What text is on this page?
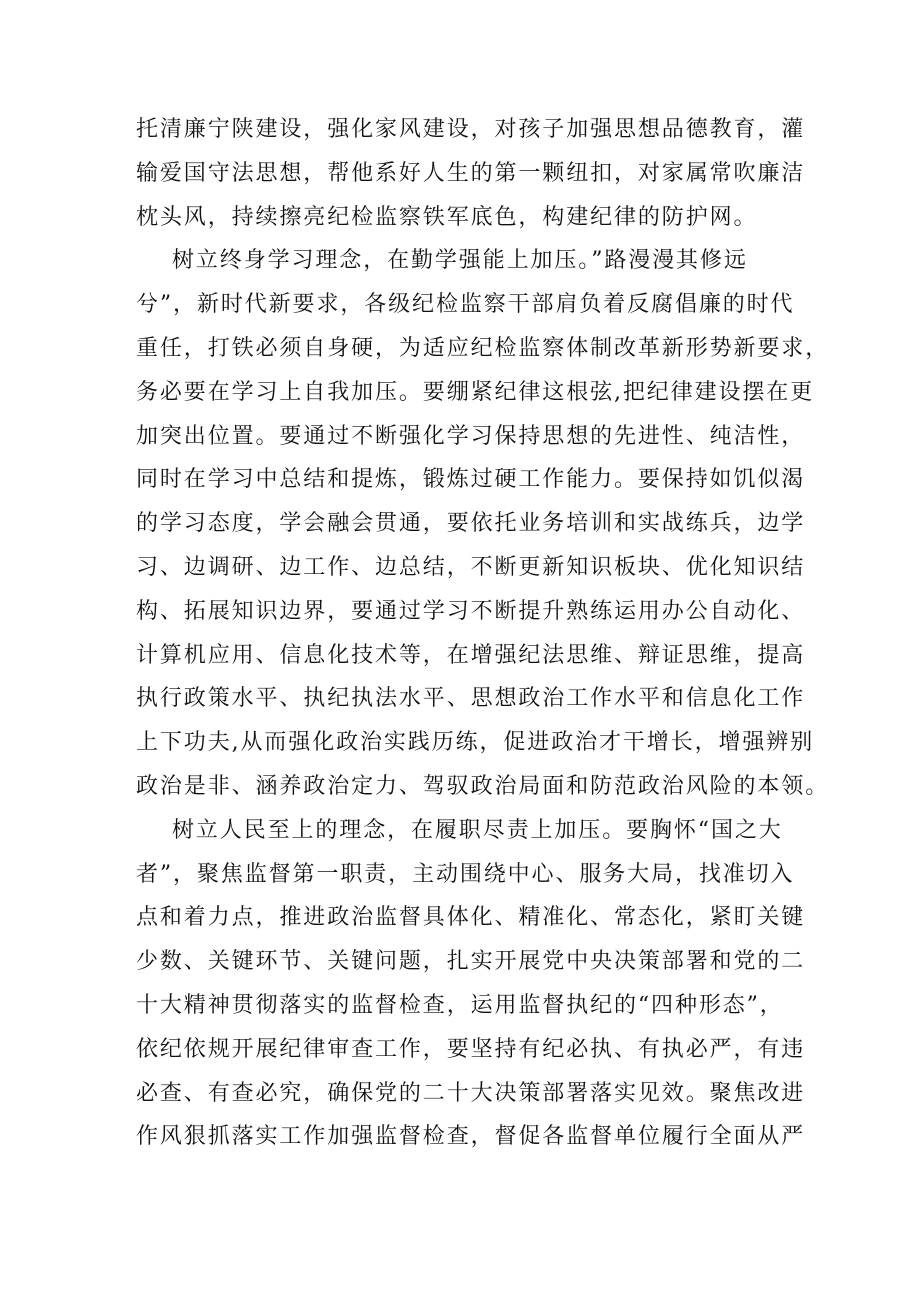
托清廉宁陕建设，强化家风建设，对孩子加强思想品德教育，灌
输爱国守法思想，帮他系好人生的第一颗纽扣，对家属常吹廉洁
枕头风，持续擦亮纪检监察铁军底色，构建纪律的防护网。
树立终身学习理念，在勤学强能上加压。”路漫漫其修远
兮”，新时代新要求，各级纪检监察干部肩负着反腐倡廉的时代
重任，打铁必须自身硬，为适应纪检监察体制改革新形势新要求，
务必要在学习上自我加压。要绷紧纪律这根弦,把纪律建设摆在更
加突出位置。要通过不断强化学习保持思想的先进性、纯洁性，
同时在学习中总结和提炼，锻炼过硬工作能力。要保持如饥似渴
的学习态度，学会融会贯通，要依托业务培训和实战练兵，边学
习、边调研、边工作、边总结，不断更新知识板块、优化知识结
构、拓展知识边界，要通过学习不断提升熟练运用办公自动化、
计算机应用、信息化技术等，在增强纪法思维、辩证思维，提高
执行政策水平、执纪执法水平、思想政治工作水平和信息化工作
上下功夫,从而强化政治实践历练，促进政治才干增长，增强辨别
政治是非、涵养政治定力、驾驭政治局面和防范政治风险的本领。
树立人民至上的理念，在履职尽责上加压。要胸怀“国之大
者”，聚焦监督第一职责，主动围绕中心、服务大局，找准切入
点和着力点，推进政治监督具体化、精准化、常态化，紧盯关键
少数、关键环节、关键问题，扎实开展党中央决策部署和党的二
十大精神贯彻落实的监督检查，运用监督执纪的“四种形态”，
依纪依规开展纪律审查工作，要坚持有纪必执、有执必严，有违
必查、有查必究，确保党的二十大决策部署落实见效。聚焦改进
作风狠抓落实工作加强监督检查，督促各监督单位履行全面从严
